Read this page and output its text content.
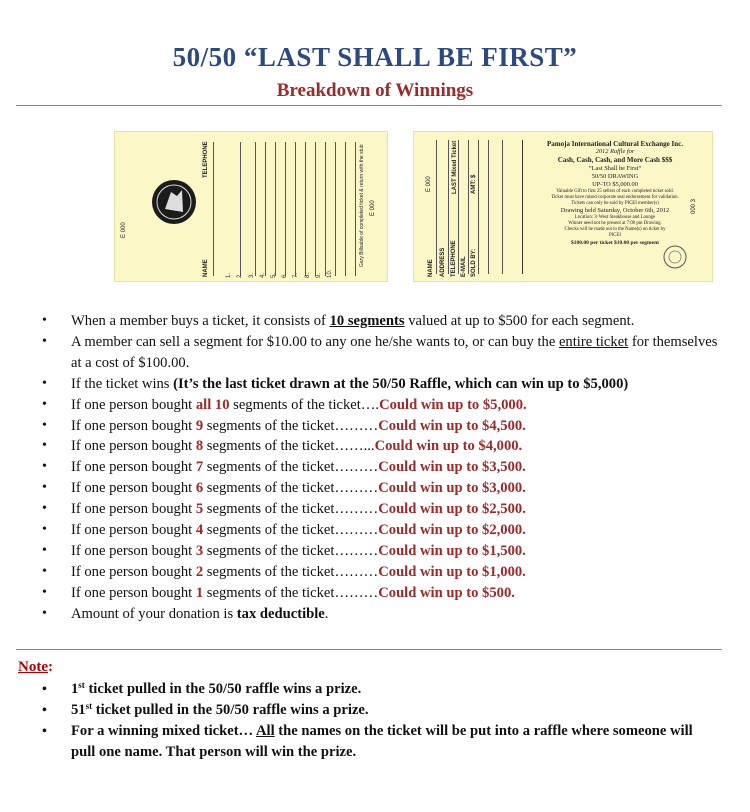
50/50 “LAST SHALL BE FIRST”
Breakdown of Winnings
TELEPHONE
NAME
E 000
E 000
Gary Billsable of completed ticket & return with the stub
1. 2. 3. 4. 5. 6. 7. 8. 9. 10.	NAME ADDRESS TELEPHONE E-MAIL SOLD BY:
LAST Mixed Ticket AMT: $
E 000
000 3
Pamoja International Cultural Exchange Inc.
2012 Raffle for
Cash, Cash, Cash, and More Cash $$$
“Last Shall be First”
50/50 DRAWING
UP-TO $5,000.00
Valuable Gift to first 25 sellers of each completed ticket sold.
Ticket must have raised corporate seal endorsement for validation.
Tickets can only be sold by PICEI member(s)
Drawing held Saturday, October 6th, 2012
Location: 3ʳ West Steakhouse and Lounge
Winner need not be present at 7:00 pm Drawing.
Checks will be made out to the Name(s) on ticket by
PICEI
$100.00 per ticket $10.00 per segment
• When a member buys a ticket, it consists of 10 segments valued at up to $500 for each segment.
• A member can sell a segment for $10.00 to any one he/she wants to, or can buy the entire ticket for themselves at a cost of $100.00.
• If the ticket wins (It’s the last ticket drawn at the 50/50 Raffle, which can win up to $5,000)
• If one person bought all 10 segments of the ticket….Could win up to $5,000.
• If one person bought 9 segments of the ticket………Could win up to $4,500.
• If one person bought 8 segments of the ticket……...Could win up to $4,000.
• If one person bought 7 segments of the ticket………Could win up to $3,500.
• If one person bought 6 segments of the ticket………Could win up to $3,000.
• If one person bought 5 segments of the ticket………Could win up to $2,500.
• If one person bought 4 segments of the ticket………Could win up to $2,000.
• If one person bought 3 segments of the ticket………Could win up to $1,500.
• If one person bought 2 segments of the ticket………Could win up to $1,000.
• If one person bought 1 segments of the ticket………Could win up to $500.
• Amount of your donation is tax deductible.
Note:
• 1st ticket pulled in the 50/50 raffle wins a prize.
• 51st ticket pulled in the 50/50 raffle wins a prize.
• For a winning mixed ticket… All the names on the ticket will be put into a raffle where someone will pull one name. That person will win the prize.
